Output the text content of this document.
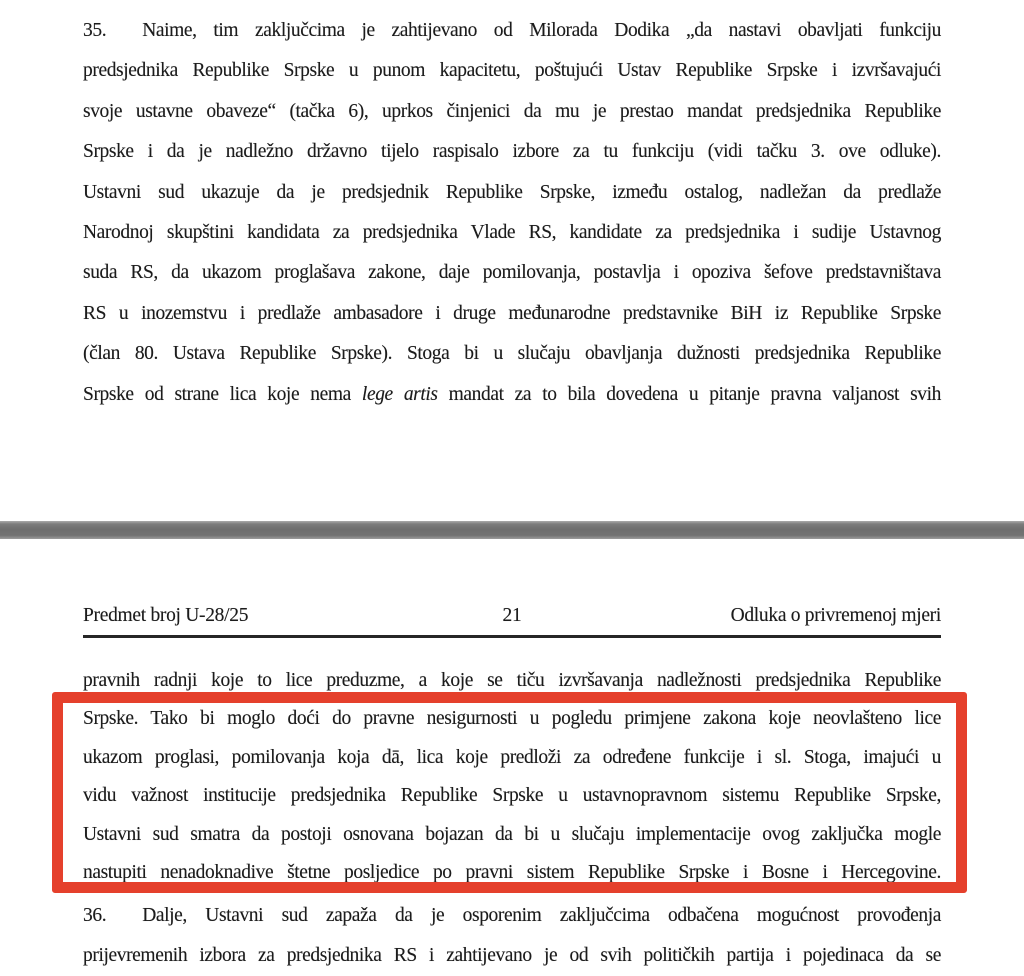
35. Naime, tim zaključcima je zahtijevano od Milorada Dodika „da nastavi obavljati funkciju
predsjednika Republike Srpske u punom kapacitetu, poštujući Ustav Republike Srpske i izvršavajući
svoje ustavne obaveze“ (tačka 6), uprkos činjenici da mu je prestao mandat predsjednika Republike
Srpske i da je nadležno državno tijelo raspisalo izbore za tu funkciju (vidi tačku 3. ove odluke).
Ustavni sud ukazuje da je predsjednik Republike Srpske, između ostalog, nadležan da predlaže
Narodnoj skupštini kandidata za predsjednika Vlade RS, kandidate za predsjednika i sudije Ustavnog
suda RS, da ukazom proglašava zakone, daje pomilovanja, postavlja i opoziva šefove predstavništava
RS u inozemstvu i predlaže ambasadore i druge međunarodne predstavnike BiH iz Republike Srpske
(član 80. Ustava Republike Srpske). Stoga bi u slučaju obavljanja dužnosti predsjednika Republike
Srpske od strane lica koje nema lege artis mandat za to bila dovedena u pitanje pravna valjanost svih
Predmet broj U-28/25	21	Odluka o privremenoj mjeri
pravnih radnji koje to lice preduzme, a koje se tiču izvršavanja nadležnosti predsjednika Republike
Srpske. Tako bi moglo doći do pravne nesigurnosti u pogledu primjene zakona koje neovlašteno lice
ukazom proglasi, pomilovanja koja dā, lica koje predloži za određene funkcije i sl. Stoga, imajući u
vidu važnost institucije predsjednika Republike Srpske u ustavnopravnom sistemu Republike Srpske,
Ustavni sud smatra da postoji osnovana bojazan da bi u slučaju implementacije ovog zaključka mogle
nastupiti nenadoknadive štetne posljedice po pravni sistem Republike Srpske i Bosne i Hercegovine.
36. Dalje, Ustavni sud zapaža da je osporenim zaključcima odbačena mogućnost provođenja
prijevremenih izbora za predsjednika RS i zahtijevano je od svih političkih partija i pojedinaca da se
